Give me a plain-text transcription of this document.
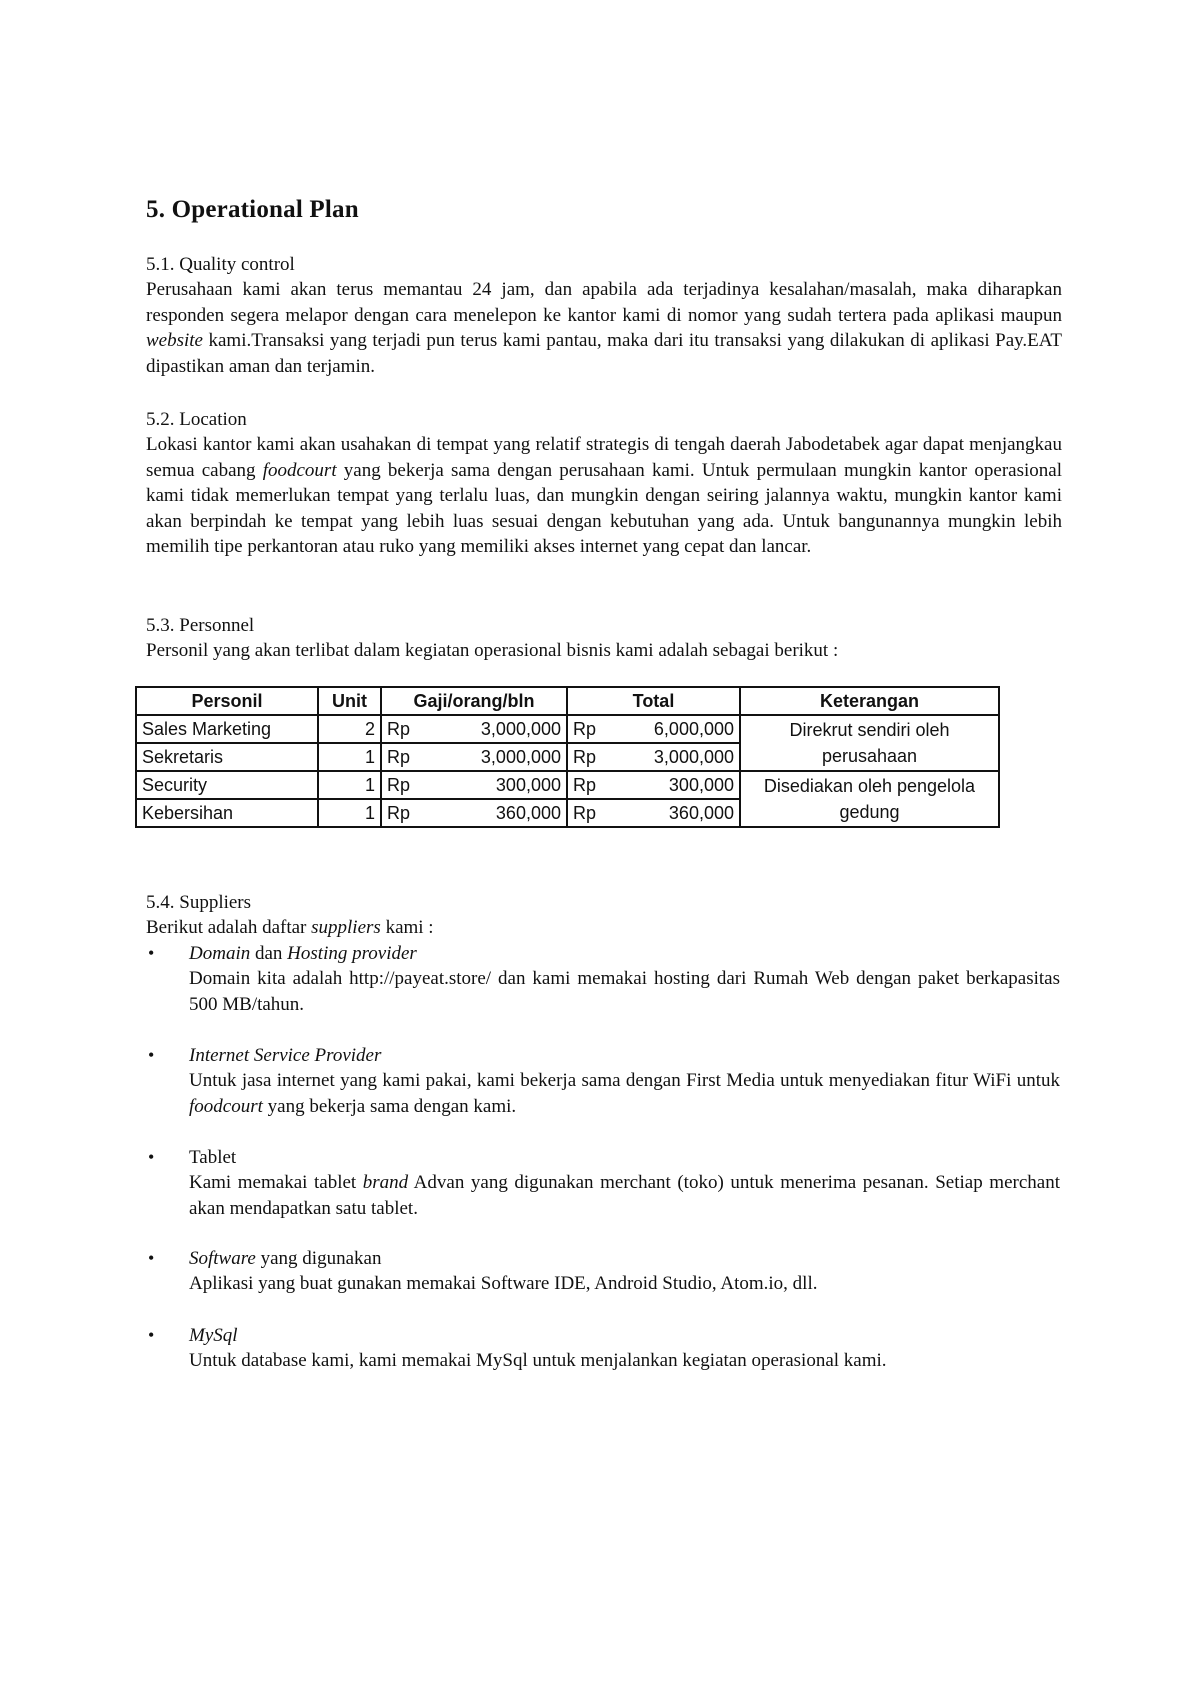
5. Operational Plan

5.1. Quality control

Perusahaan kami akan terus memantau 24 jam, dan apabila ada terjadinya kesalahan/masalah, maka diharapkan responden segera melapor dengan cara menelepon ke kantor kami di nomor yang sudah tertera pada aplikasi maupun website kami.Transaksi yang terjadi pun terus kami pantau, maka dari itu transaksi yang dilakukan di aplikasi Pay.EAT dipastikan aman dan terjamin.

5.2. Location

Lokasi kantor kami akan usahakan di tempat yang relatif strategis di tengah daerah Jabodetabek agar dapat menjangkau semua cabang foodcourt yang bekerja sama dengan perusahaan kami. Untuk permulaan mungkin kantor operasional kami tidak memerlukan tempat yang terlalu luas, dan mungkin dengan seiring jalannya waktu, mungkin kantor kami akan berpindah ke tempat yang lebih luas sesuai dengan kebutuhan yang ada. Untuk bangunannya mungkin lebih memilih tipe perkantoran atau ruko yang memiliki akses internet yang cepat dan lancar.

5.3. Personnel

Personil yang akan terlibat dalam kegiatan operasional bisnis kami adalah sebagai berikut :

Personil	Unit	Gaji/orang/bln	Total	Keterangan
Sales Marketing	2	Rp 3,000,000	Rp 6,000,000	Direkrut sendiri oleh perusahaan
Sekretaris	1	Rp 3,000,000	Rp 3,000,000	

Security	1	Rp 300,000	Rp 300,000	Disediakan oleh pengelola gedung
Kebersihan	1	Rp 360,000	Rp 360,000	

5.4. Suppliers

Berikut adalah daftar suppliers kami :

• Domain dan Hosting provider
Domain kita adalah http://payeat.store/ dan kami memakai hosting dari Rumah Web dengan paket berkapasitas 500 MB/tahun.
• Internet Service Provider
Untuk jasa internet yang kami pakai, kami bekerja sama dengan First Media untuk menyediakan fitur WiFi untuk foodcourt yang bekerja sama dengan kami.
• Tablet
Kami memakai tablet brand Advan yang digunakan merchant (toko) untuk menerima pesanan. Setiap merchant akan mendapatkan satu tablet.
• Software yang digunakan
Aplikasi yang buat gunakan memakai Software IDE, Android Studio, Atom.io, dll.
• MySql
Untuk database kami, kami memakai MySql untuk menjalankan kegiatan operasional kami.
